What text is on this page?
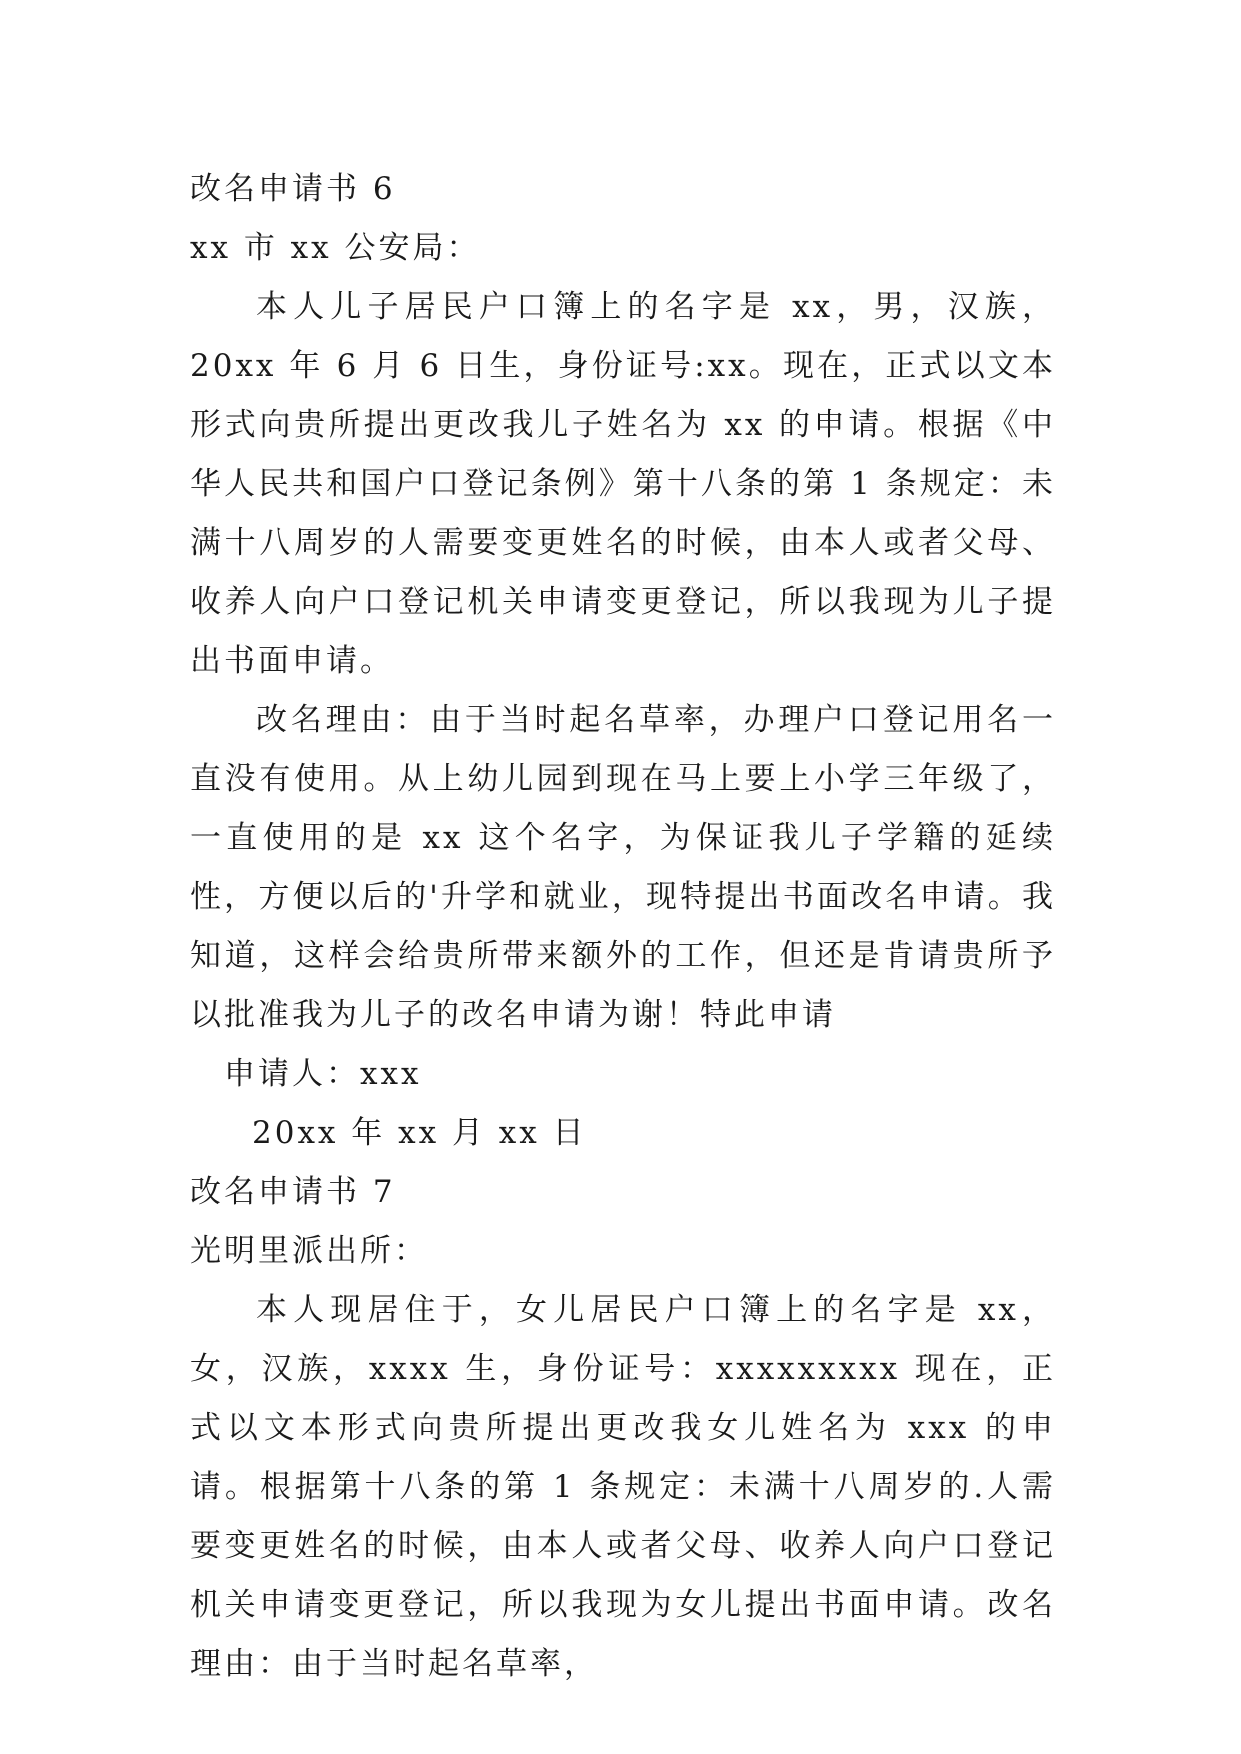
改名申请书 6
xx 市 xx 公安局：
本人儿子居民户口簿上的名字是 xx，男，汉族，20xx 年 6 月 6 日生，身份证号:xx。现在，正式以文本形式向贵所提出更改我儿子姓名为 xx 的申请。根据《中华人民共和国户口登记条例》第十八条的第 1 条规定：未满十八周岁的人需要变更姓名的时候，由本人或者父母、收养人向户口登记机关申请变更登记，所以我现为儿子提出书面申请。
改名理由：由于当时起名草率，办理户口登记用名一直没有使用。从上幼儿园到现在马上要上小学三年级了，一直使用的是 xx 这个名字，为保证我儿子学籍的延续性，方便以后的'升学和就业，现特提出书面改名申请。我知道，这样会给贵所带来额外的工作，但还是肯请贵所予以批准我为儿子的改名申请为谢！特此申请
申请人：xxx
20xx 年 xx 月 xx 日
改名申请书 7
光明里派出所：
本人现居住于，女儿居民户口簿上的名字是 xx，女，汉族，xxxx 生，身份证号：xxxxxxxxx 现在，正式以文本形式向贵所提出更改我女儿姓名为 xxx 的申请。根据第十八条的第 1 条规定：未满十八周岁的.人需要变更姓名的时候，由本人或者父母、收养人向户口登记机关申请变更登记，所以我现为女儿提出书面申请。改名理由：由于当时起名草率，
